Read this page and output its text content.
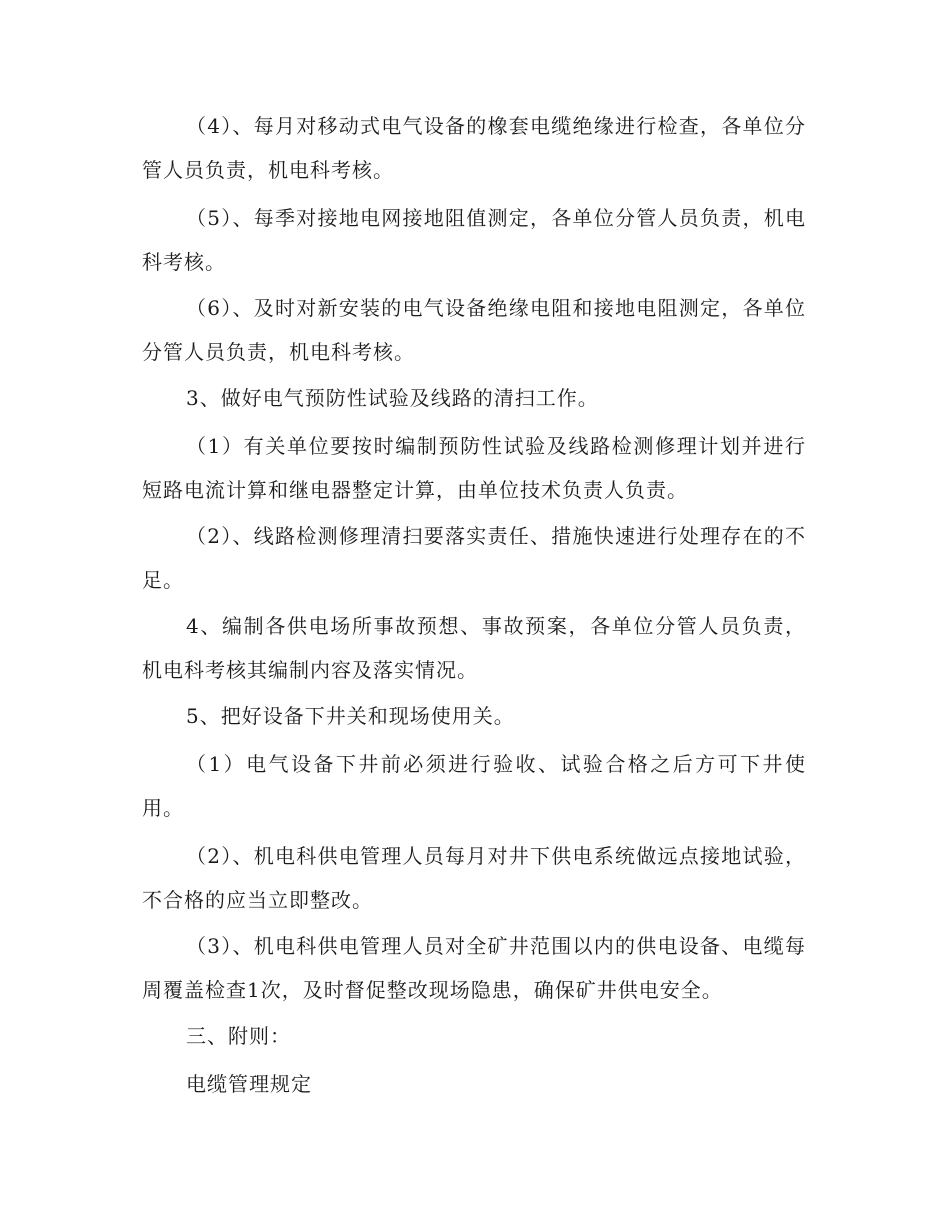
（4）、每月对移动式电气设备的橡套电缆绝缘进行检查，各单位分管人员负责，机电科考核。

（5）、每季对接地电网接地阻值测定，各单位分管人员负责，机电科考核。

（6）、及时对新安装的电气设备绝缘电阻和接地电阻测定，各单位分管人员负责，机电科考核。

3、做好电气预防性试验及线路的清扫工作。

（1）有关单位要按时编制预防性试验及线路检测修理计划并进行短路电流计算和继电器整定计算，由单位技术负责人负责。

（2）、线路检测修理清扫要落实责任、措施快速进行处理存在的不足。

4、编制各供电场所事故预想、事故预案，各单位分管人员负责，机电科考核其编制内容及落实情况。

5、把好设备下井关和现场使用关。

（1）电气设备下井前必须进行验收、试验合格之后方可下井使用。

（2）、机电科供电管理人员每月对井下供电系统做远点接地试验，不合格的应当立即整改。

（3）、机电科供电管理人员对全矿井范围以内的供电设备、电缆每周覆盖检查1次，及时督促整改现场隐患，确保矿井供电安全。

三、附则：

电缆管理规定
